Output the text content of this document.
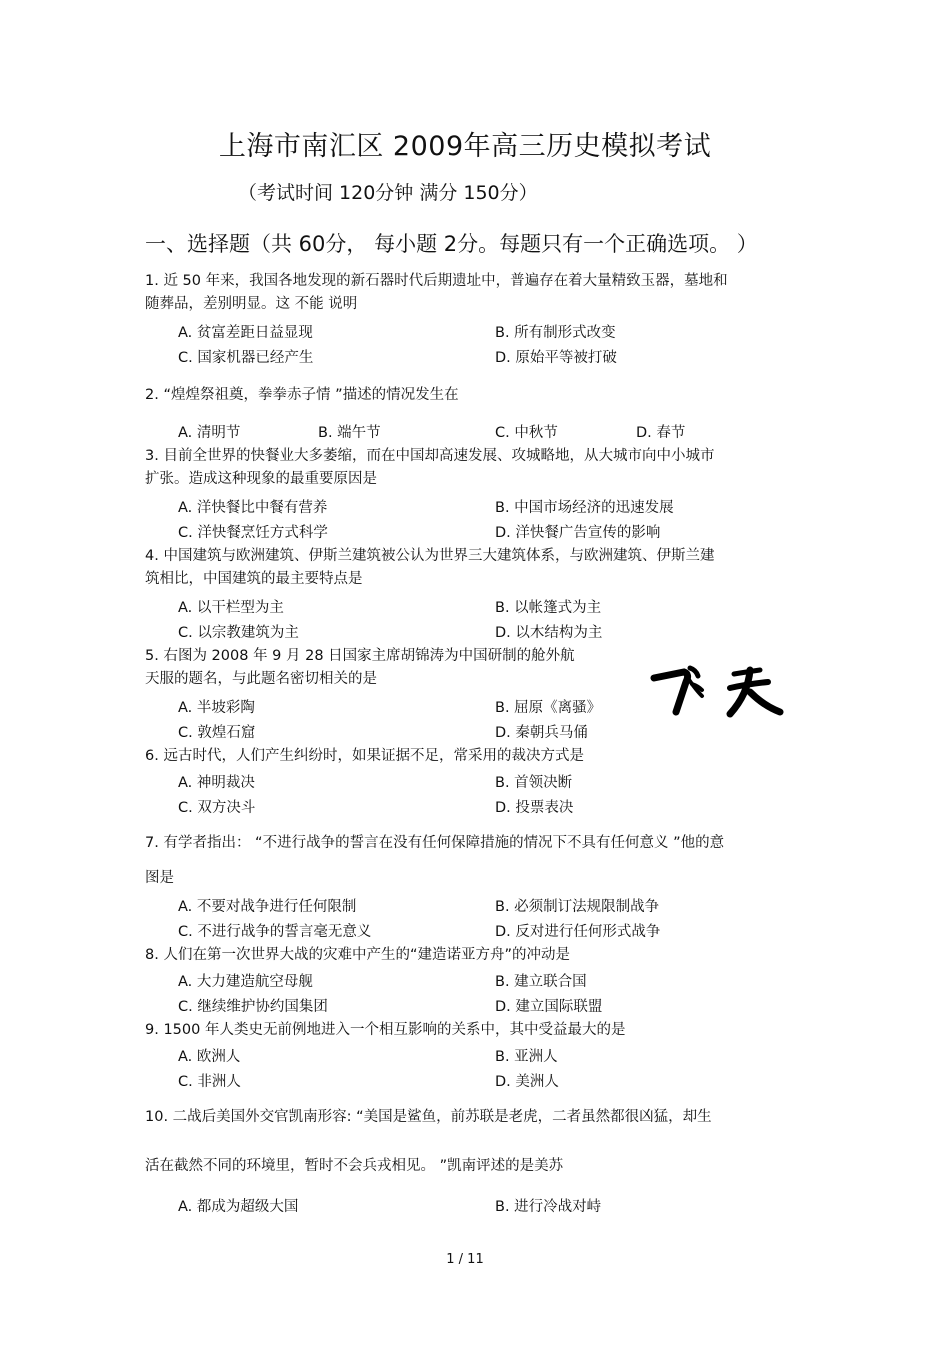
上海市南汇区 2009年高三历史模拟考试
（考试时间 120分钟 满分 150分）
一、选择题（共 60分， 每小题 2分。每题只有一个正确选项。 ）
1. 近 50 年来，我国各地发现的新石器时代后期遗址中，普遍存在着大量精致玉器，墓地和
随葬品，差别明显。这 不能 说明
A. 贫富差距日益显现	B. 所有制形式改变
C. 国家机器已经产生	D. 原始平等被打破
2. “煌煌祭祖奠，拳拳赤子情 ”描述的情况发生在
A. 清明节	B. 端午节	C. 中秋节	D. 春节
3. 目前全世界的快餐业大多萎缩，而在中国却高速发展、攻城略地，从大城市向中小城市
扩张。造成这种现象的最重要原因是
A. 洋快餐比中餐有营养	B. 中国市场经济的迅速发展
C. 洋快餐烹饪方式科学	D. 洋快餐广告宣传的影响
4. 中国建筑与欧洲建筑、伊斯兰建筑被公认为世界三大建筑体系，与欧洲建筑、伊斯兰建
筑相比，中国建筑的最主要特点是
A. 以干栏型为主	B. 以帐篷式为主
C. 以宗教建筑为主	D. 以木结构为主
5. 右图为 2008 年 9 月 28 日国家主席胡锦涛为中国研制的舱外航
天服的题名，与此题名密切相关的是
A. 半坡彩陶	B. 屈原《离骚》
C. 敦煌石窟	D. 秦朝兵马俑
6. 远古时代，人们产生纠纷时，如果证据不足，常采用的裁决方式是
A. 神明裁决	B. 首领决断
C. 双方决斗	D. 投票表决
7. 有学者指出： “不进行战争的誓言在没有任何保障措施的情况下不具有任何意义 ”他的意
图是
A. 不要对战争进行任何限制	B. 必须制订法规限制战争
C. 不进行战争的誓言毫无意义	D. 反对进行任何形式战争
8. 人们在第一次世界大战的灾难中产生的“建造诺亚方舟”的冲动是
A. 大力建造航空母舰	B. 建立联合国
C. 继续维护协约国集团	D. 建立国际联盟
9. 1500 年人类史无前例地进入一个相互影响的关系中，其中受益最大的是
A. 欧洲人	B. 亚洲人
C. 非洲人	D. 美洲人
10. 二战后美国外交官凯南形容: “美国是鲨鱼，前苏联是老虎，二者虽然都很凶猛，却生
活在截然不同的环境里，暂时不会兵戎相见。 ”凯南评述的是美苏
A. 都成为超级大国	B. 进行冷战对峙
1 / 11
